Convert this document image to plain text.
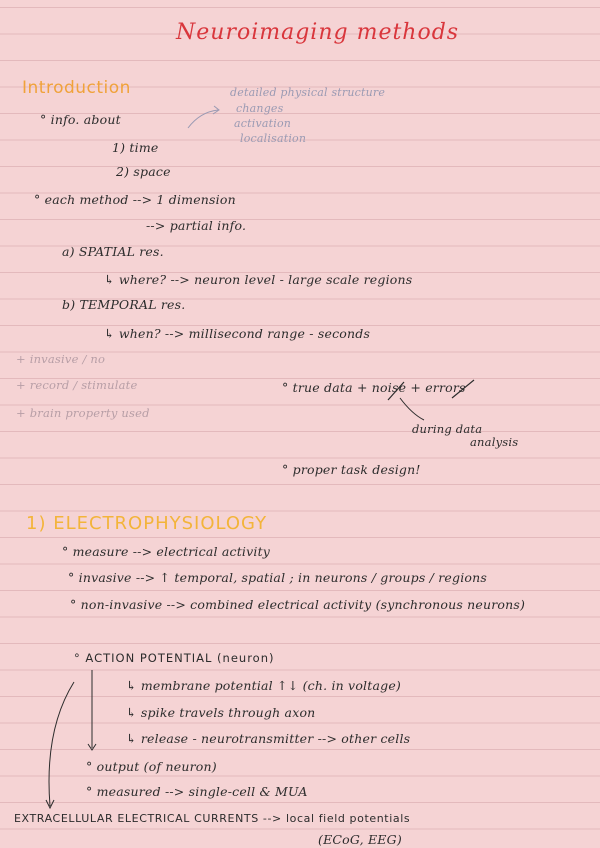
Neuroimaging methods
Introduction
° info. about
1) time
2) space
detailed physical structure
changes
activation
localisation
° each method --> 1 dimension
--> partial info.
a) SPATIAL res.
↳ where? --> neuron level - large scale regions
b) TEMPORAL res.
↳ when? --> millisecond range - seconds
+ invasive / no
+ record / stimulate
+ brain property used
° true data + noise + errors
during data
analysis
° proper task design!
1) ELECTROPHYSIOLOGY
° measure --> electrical activity
° invasive --> ↑ temporal, spatial ; in neurons / groups / regions
° non-invasive --> combined electrical activity (synchronous neurons)
° ACTION POTENTIAL (neuron)
↳ membrane potential ↑↓ (ch. in voltage)
↳ spike travels through axon
↳ release - neurotransmitter --> other cells
° output (of neuron)
° measured --> single-cell & MUA
EXTRACELLULAR ELECTRICAL CURRENTS --> local field potentials
(ECoG, EEG)
